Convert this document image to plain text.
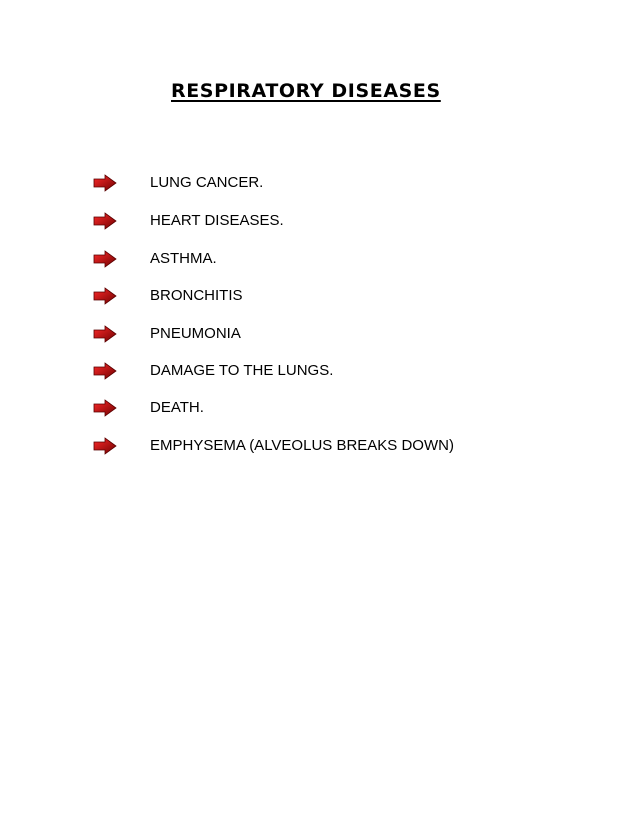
RESPIRATORY DISEASES
LUNG CANCER.
HEART DISEASES.
ASTHMA.
BRONCHITIS
PNEUMONIA
DAMAGE TO THE LUNGS.
DEATH.
EMPHYSEMA (ALVEOLUS BREAKS DOWN)
